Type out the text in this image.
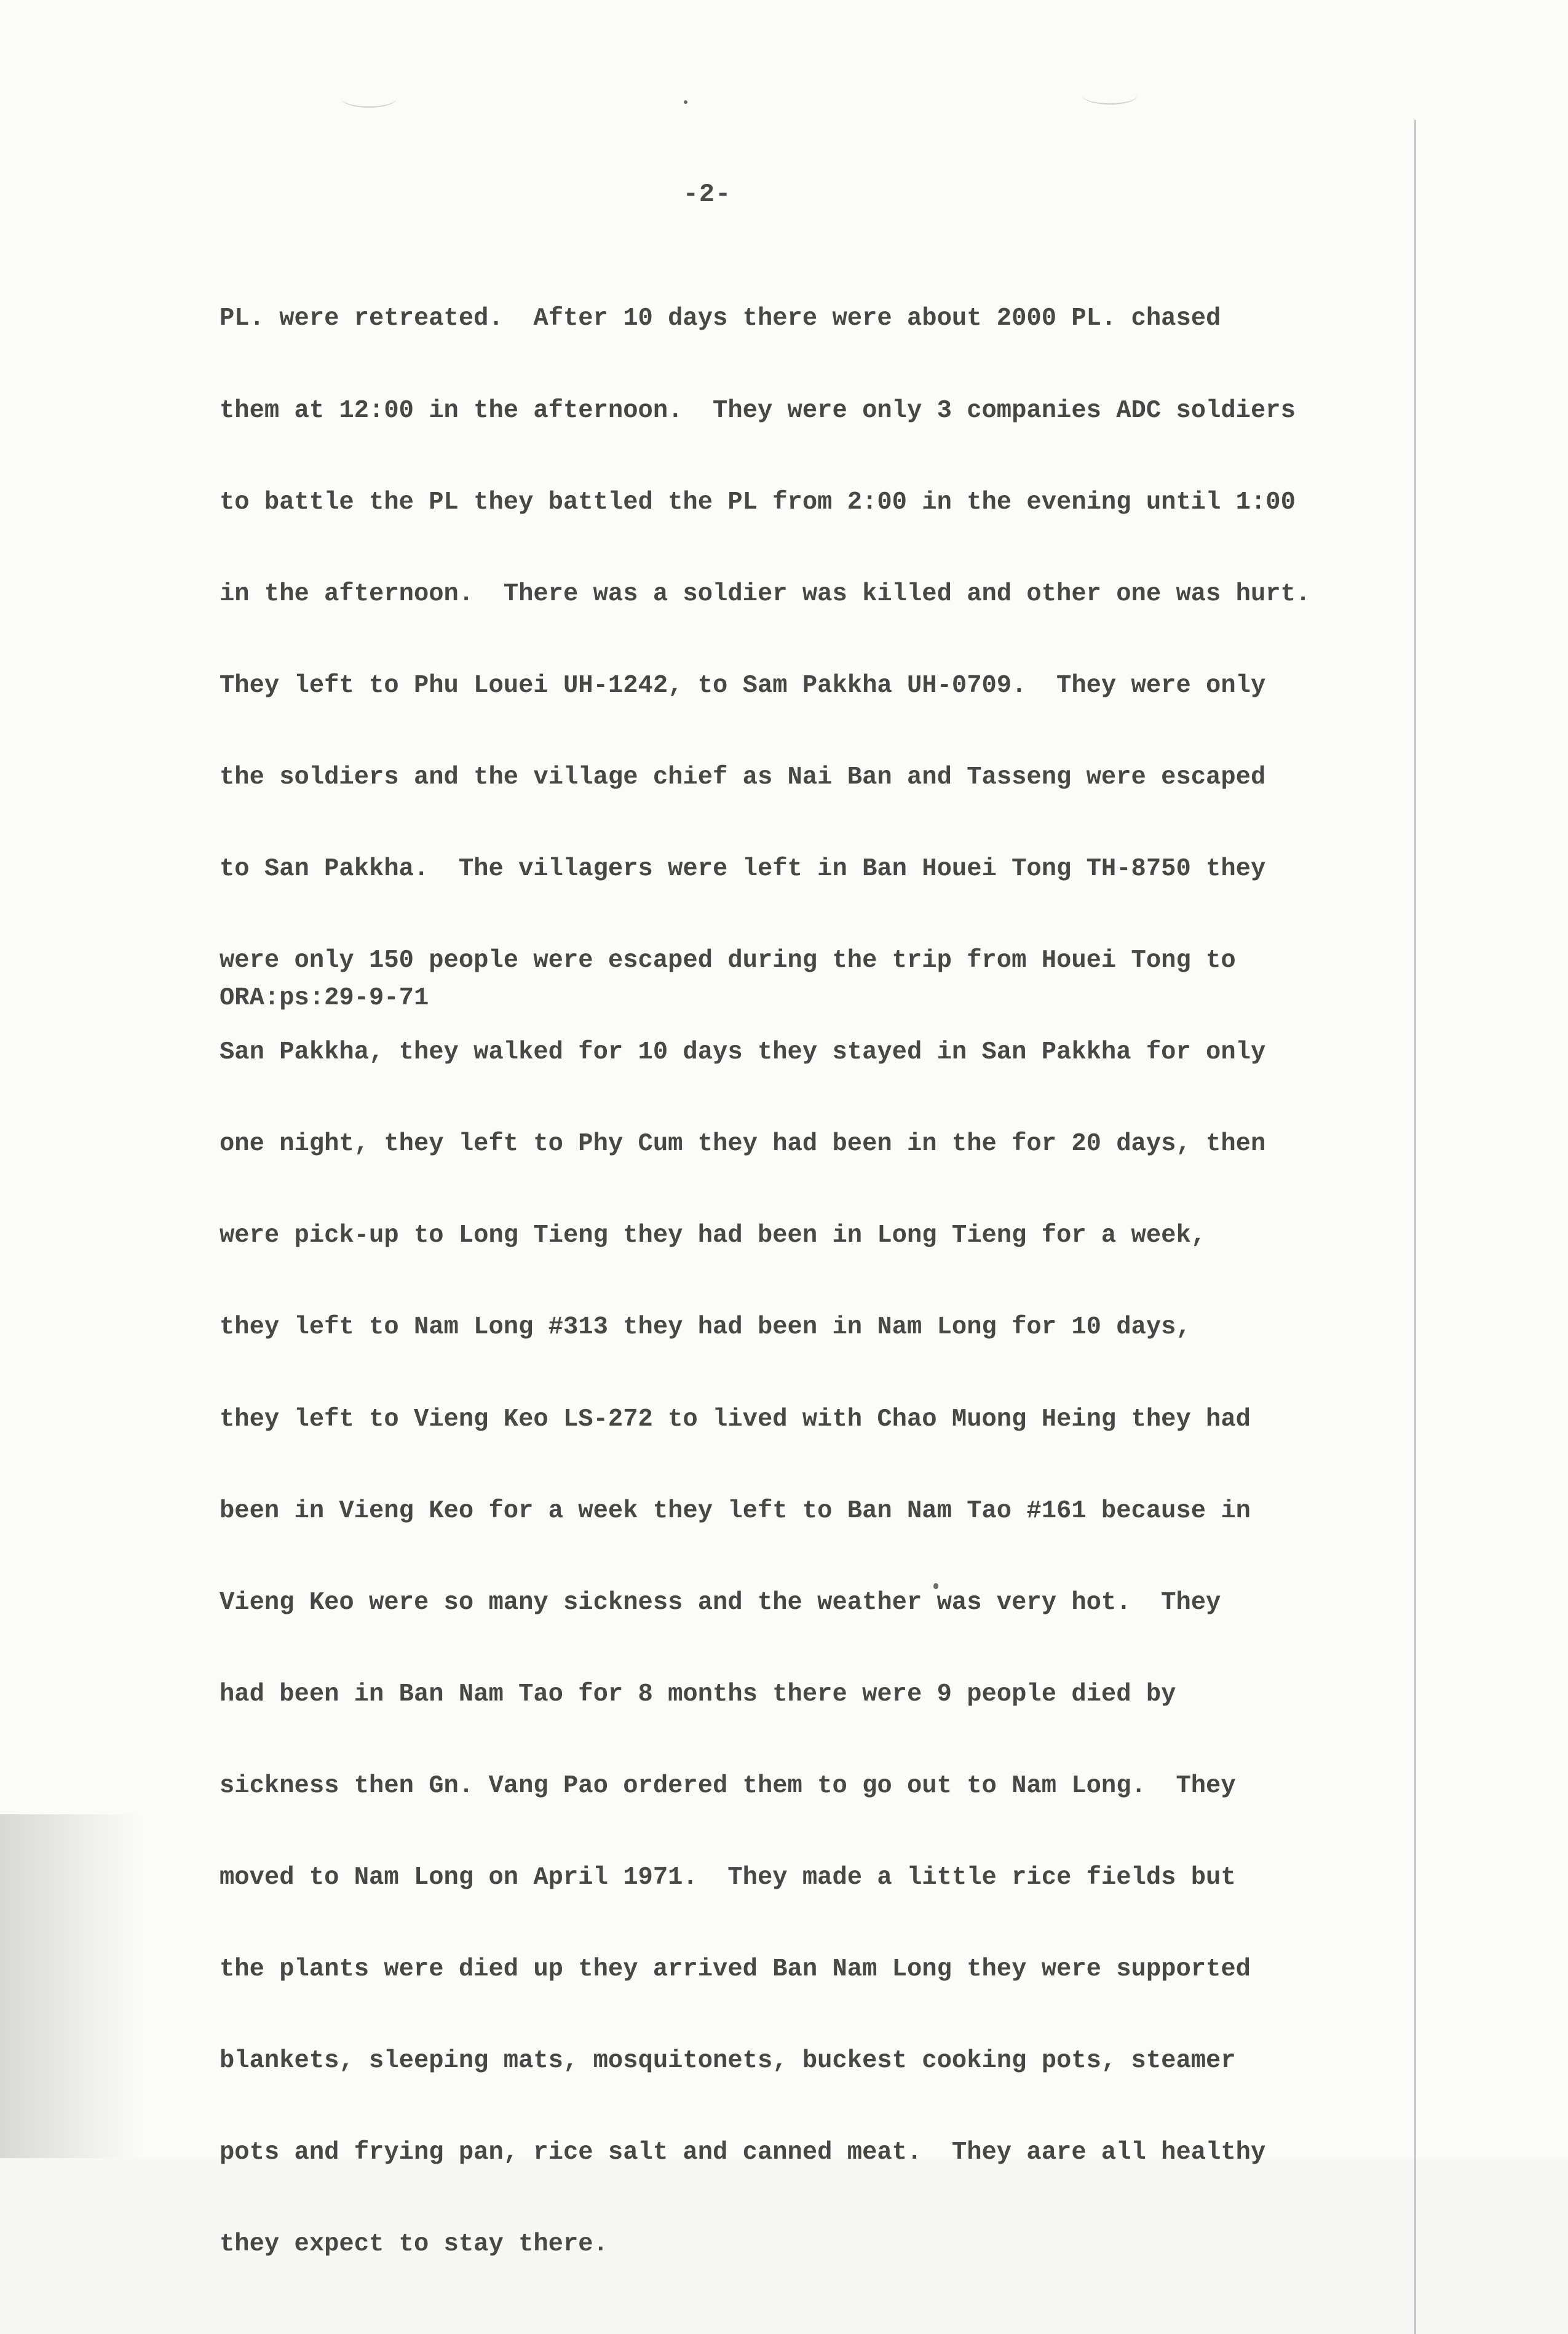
-2-

PL. were retreated.  After 10 days there were about 2000 PL. chased

them at 12:00 in the afternoon.  They were only 3 companies ADC soldiers

to battle the PL they battled the PL from 2:00 in the evening until 1:00

in the afternoon.  There was a soldier was killed and other one was hurt.

They left to Phu Louei UH-1242, to Sam Pakkha UH-0709.  They were only

the soldiers and the village chief as Nai Ban and Tasseng were escaped

to San Pakkha.  The villagers were left in Ban Houei Tong TH-8750 they

were only 150 people were escaped during the trip from Houei Tong to

San Pakkha, they walked for 10 days they stayed in San Pakkha for only

one night, they left to Phy Cum they had been in the for 20 days, then

were pick-up to Long Tieng they had been in Long Tieng for a week,

they left to Nam Long #313 they had been in Nam Long for 10 days,

they left to Vieng Keo LS-272 to lived with Chao Muong Heing they had

been in Vieng Keo for a week they left to Ban Nam Tao #161 because in

Vieng Keo were so many sickness and the weather was very hot.  They

had been in Ban Nam Tao for 8 months there were 9 people died by

sickness then Gn. Vang Pao ordered them to go out to Nam Long.  They

moved to Nam Long on April 1971.  They made a little rice fields but

the plants were died up they arrived Ban Nam Long they were supported

blankets, sleeping mats, mosquitonets, buckest cooking pots, steamer

pots and frying pan, rice salt and canned meat.  They aare all healthy

they expect to stay there.

ORA:ps:29-9-71
